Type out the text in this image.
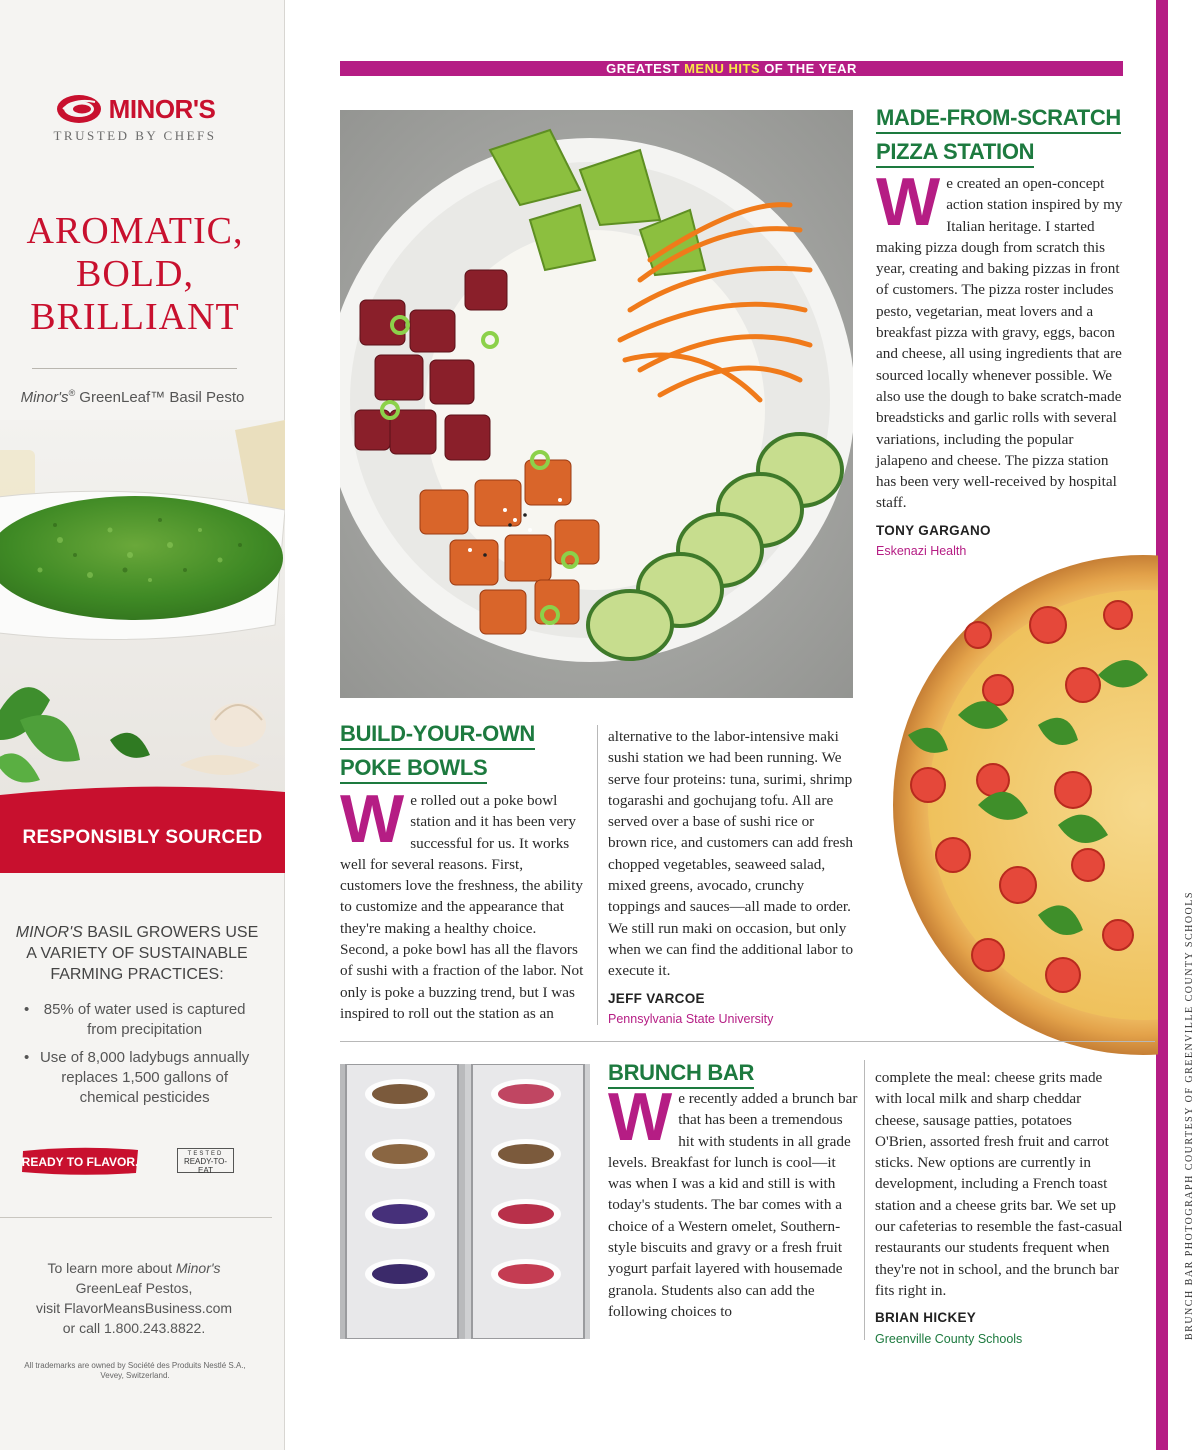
MINOR'S
TRUSTED BY CHEFS
AROMATIC,
BOLD,
BRILLIANT
Minor's® GreenLeaf™ Basil Pesto
RESPONSIBLY SOURCED
MINOR'S BASIL GROWERS USE A VARIETY OF SUSTAINABLE FARMING PRACTICES:
• 85% of water used is captured from precipitation
• Use of 8,000 ladybugs annually replaces 1,500 gallons of chemical pesticides
READY TO FLAVOR.
TESTED
READY-TO-EAT
To learn more about Minor's
GreenLeaf Pestos,
visit FlavorMeansBusiness.com
or call 1.800.243.8822.
All trademarks are owned by Société des Produits Nestlé S.A., Vevey, Switzerland.
GREATEST MENU HITS OF THE YEAR
BRUNCH BAR PHOTOGRAPH COURTESY OF GREENVILLE COUNTY SCHOOLS
MADE-FROM-SCRATCH
PIZZA STATION
We created an open-concept action station inspired by my Italian heritage. I started making pizza dough from scratch this year, creating and baking pizzas in front of customers. The pizza roster includes pesto, vegetarian, meat lovers and a breakfast pizza with gravy, eggs, bacon and cheese, all using ingredients that are sourced locally whenever possible. We also use the dough to bake scratch-made breadsticks and garlic rolls with several variations, including the popular jalapeno and cheese. The pizza station has been very well-received by hospital staff.
TONY GARGANO
Eskenazi Health
BUILD-YOUR-OWN
POKE BOWLS
We rolled out a poke bowl station and it has been very successful for us. It works well for several reasons. First, customers love the freshness, the ability to customize and the appearance that they're making a healthy choice. Second, a poke bowl has all the flavors of sushi with a fraction of the labor. Not only is poke a buzzing trend, but I was inspired to roll out the station as an
alternative to the labor-intensive maki sushi station we had been running. We serve four proteins: tuna, surimi, shrimp togarashi and gochujang tofu. All are served over a base of sushi rice or brown rice, and customers can add fresh chopped vegetables, seaweed salad, mixed greens, avocado, crunchy toppings and sauces—all made to order. We still run maki on occasion, but only when we can find the additional labor to execute it.
JEFF VARCOE
Pennsylvania State University
BRUNCH BAR
We recently added a brunch bar that has been a tremendous hit with students in all grade levels. Breakfast for lunch is cool—it was when I was a kid and still is with today's students. The bar comes with a choice of a Western omelet, Southern-style biscuits and gravy or a fresh fruit yogurt parfait layered with housemade granola. Students also can add the following choices to
complete the meal: cheese grits made with local milk and sharp cheddar cheese, sausage patties, potatoes O'Brien, assorted fresh fruit and carrot sticks. New options are currently in development, including a French toast station and a cheese grits bar. We set up our cafeterias to resemble the fast-casual restaurants our students frequent when they're not in school, and the brunch bar fits right in.
BRIAN HICKEY
Greenville County Schools
